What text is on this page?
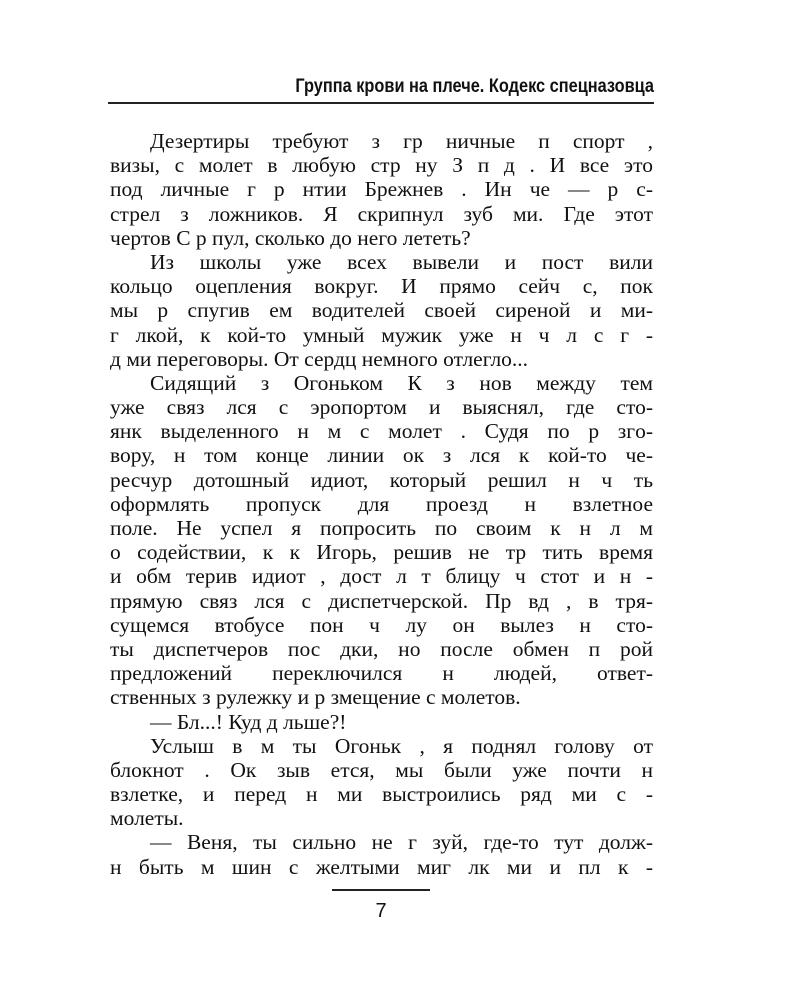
Группа крови на плече. Кодекс спецназовца
Дезертиры требуют з гр ничные п спорт ,
визы, с молет в любую стр ну З п д . И все это
под личные г р нтии Брежнев . Ин че — р с-
стрел з ложников. Я скрипнул зуб ми. Где этот
чертов С р пул, сколько до него лететь?
Из школы уже всех вывели и пост вили
кольцо оцепления вокруг. И прямо сейч с, пок
мы р спугив ем водителей своей сиреной и ми-
г лкой, к кой-то умный мужик уже н ч л с г -
д ми переговоры. От сердц немного отлегло...
Сидящий з Огоньком К з нов между тем
уже связ лся с эропортом и выяснял, где сто-
янк выделенного н м с молет . Судя по р згo-
вору, н том конце линии ок з лся к кой-то че-
ресчур дотошный идиот, который решил н ч ть
оформлять пропуск для проезд н взлетное
поле. Не успел я попросить по своим к н л м
о содействии, к к Игорь, решив не тр тить время
и обм терив идиот , дост л т блицу ч стот и н -
прямую связ лся с диспетчерской. Пр вд , в тря-
сущемся втобусе пон ч лу он вылез н сто-
ты диспетчеров пос дки, но после обмен п рой
предложений переключился н людей, ответ-
ственных з рулежку и р змещение с молетов.
— Бл...! Куд д льше?!
Услыш в м ты Огоньк , я поднял голову от
блокнот . Ок зыв ется, мы были уже почти н
взлетке, и перед н ми выстроились ряд ми с -
молеты.
— Веня, ты сильно не г зуй, где-то тут долж-
н быть м шин с желтыми миг лк ми и пл к -
7
